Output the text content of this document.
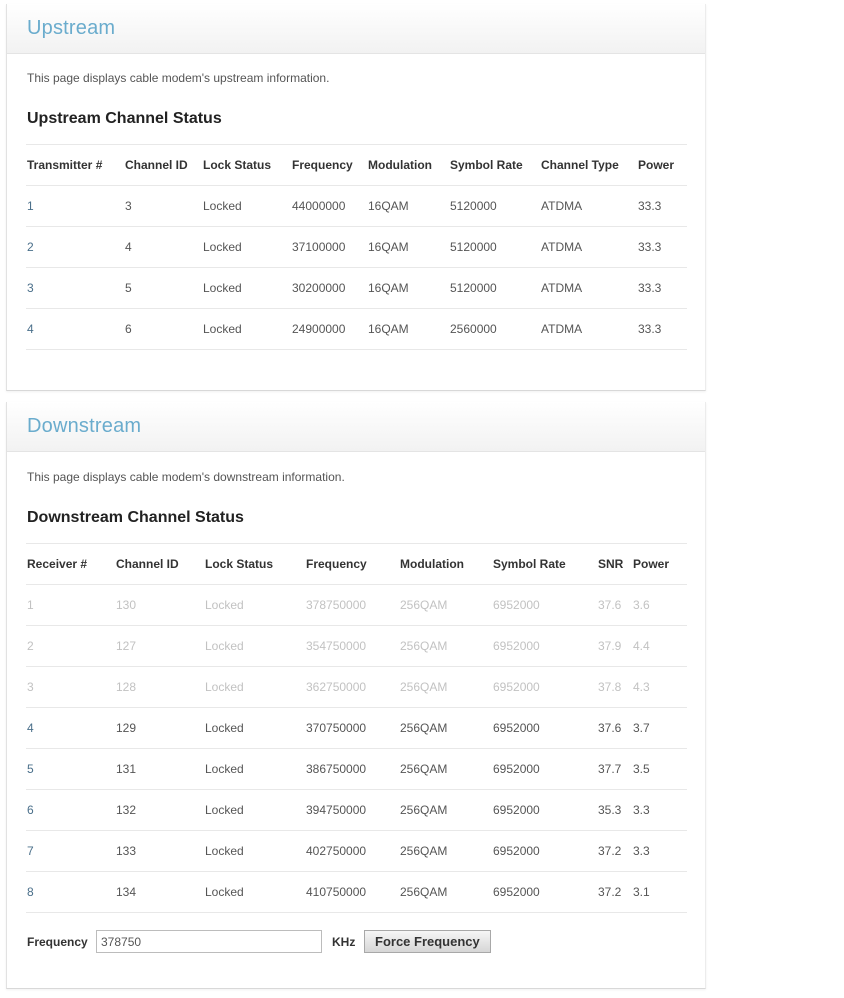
Upstream
This page displays cable modem's upstream information.
Upstream Channel Status
Transmitter #	Channel ID	Lock Status	Frequency	Modulation	Symbol Rate	Channel Type	Power
1	3	Locked	44000000	16QAM	5120000	ATDMA	33.3
2	4	Locked	37100000	16QAM	5120000	ATDMA	33.3
3	5	Locked	30200000	16QAM	5120000	ATDMA	33.3
4	6	Locked	24900000	16QAM	2560000	ATDMA	33.3
Downstream
This page displays cable modem's downstream information.
Downstream Channel Status
Receiver #	Channel ID	Lock Status	Frequency	Modulation	Symbol Rate	SNR	Power
1	130	Locked	378750000	256QAM	6952000	37.6	3.6
2	127	Locked	354750000	256QAM	6952000	37.9	4.4
3	128	Locked	362750000	256QAM	6952000	37.8	4.3
4	129	Locked	370750000	256QAM	6952000	37.6	3.7
5	131	Locked	386750000	256QAM	6952000	37.7	3.5
6	132	Locked	394750000	256QAM	6952000	35.3	3.3
7	133	Locked	402750000	256QAM	6952000	37.2	3.3
8	134	Locked	410750000	256QAM	6952000	37.2	3.1
Frequency
378750	KHz	Force Frequency
